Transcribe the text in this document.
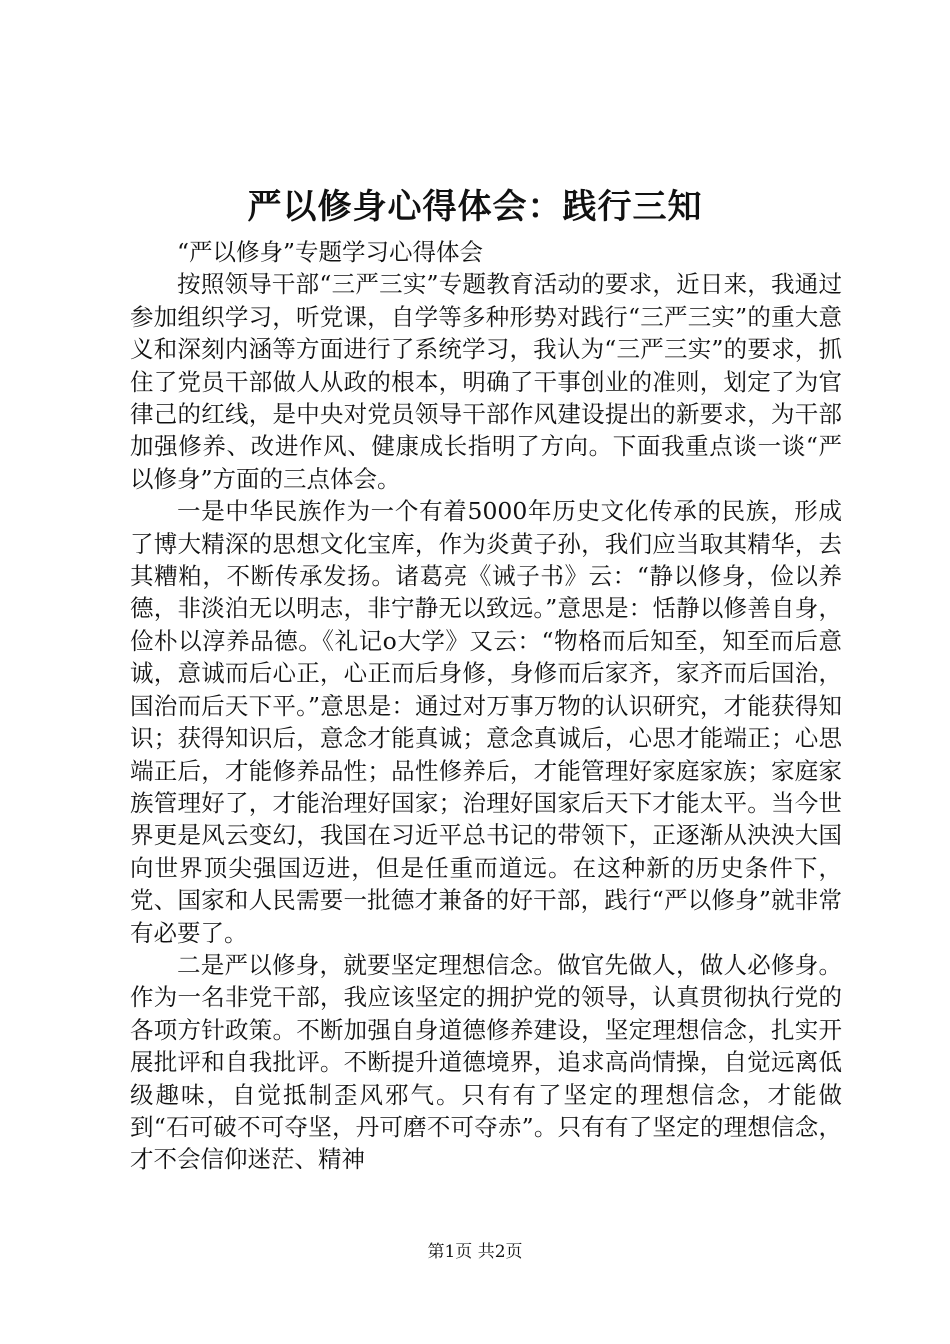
严以修身心得体会：践行三知

“严以修身”专题学习心得体会

按照领导干部“三严三实”专题教育活动的要求，近日来，我通过参加组织学习，听党课，自学等多种形势对践行“三严三实”的重大意义和深刻内涵等方面进行了系统学习，我认为“三严三实”的要求，抓住了党员干部做人从政的根本，明确了干事创业的准则，划定了为官律己的红线，是中央对党员领导干部作风建设提出的新要求，为干部加强修养、改进作风、健康成长指明了方向。下面我重点谈一谈“严以修身”方面的三点体会。

一是中华民族作为一个有着5000年历史文化传承的民族，形成了博大精深的思想文化宝库，作为炎黄子孙，我们应当取其精华，去其糟粕，不断传承发扬。诸葛亮《诫子书》云：“静以修身，俭以养德，非淡泊无以明志，非宁静无以致远。”意思是：恬静以修善自身，俭朴以淳养品德。《礼记o大学》又云：“物格而后知至，知至而后意诚，意诚而后心正，心正而后身修，身修而后家齐，家齐而后国治，国治而后天下平。”意思是：通过对万事万物的认识研究，才能获得知识；获得知识后，意念才能真诚；意念真诚后，心思才能端正；心思端正后，才能修养品性；品性修养后，才能管理好家庭家族；家庭家族管理好了，才能治理好国家；治理好国家后天下才能太平。当今世界更是风云变幻，我国在习近平总书记的带领下，正逐渐从泱泱大国向世界顶尖强国迈进，但是任重而道远。在这种新的历史条件下，党、国家和人民需要一批德才兼备的好干部，践行“严以修身”就非常有必要了。

二是严以修身，就要坚定理想信念。做官先做人，做人必修身。作为一名非党干部，我应该坚定的拥护党的领导，认真贯彻执行党的各项方针政策。不断加强自身道德修养建设，坚定理想信念，扎实开展批评和自我批评。不断提升道德境界，追求高尚情操，自觉远离低级趣味，自觉抵制歪风邪气。只有有了坚定的理想信念，才能做到“石可破不可夺坚，丹可磨不可夺赤”。只有有了坚定的理想信念，才不会信仰迷茫、精神

第1页 共2页
